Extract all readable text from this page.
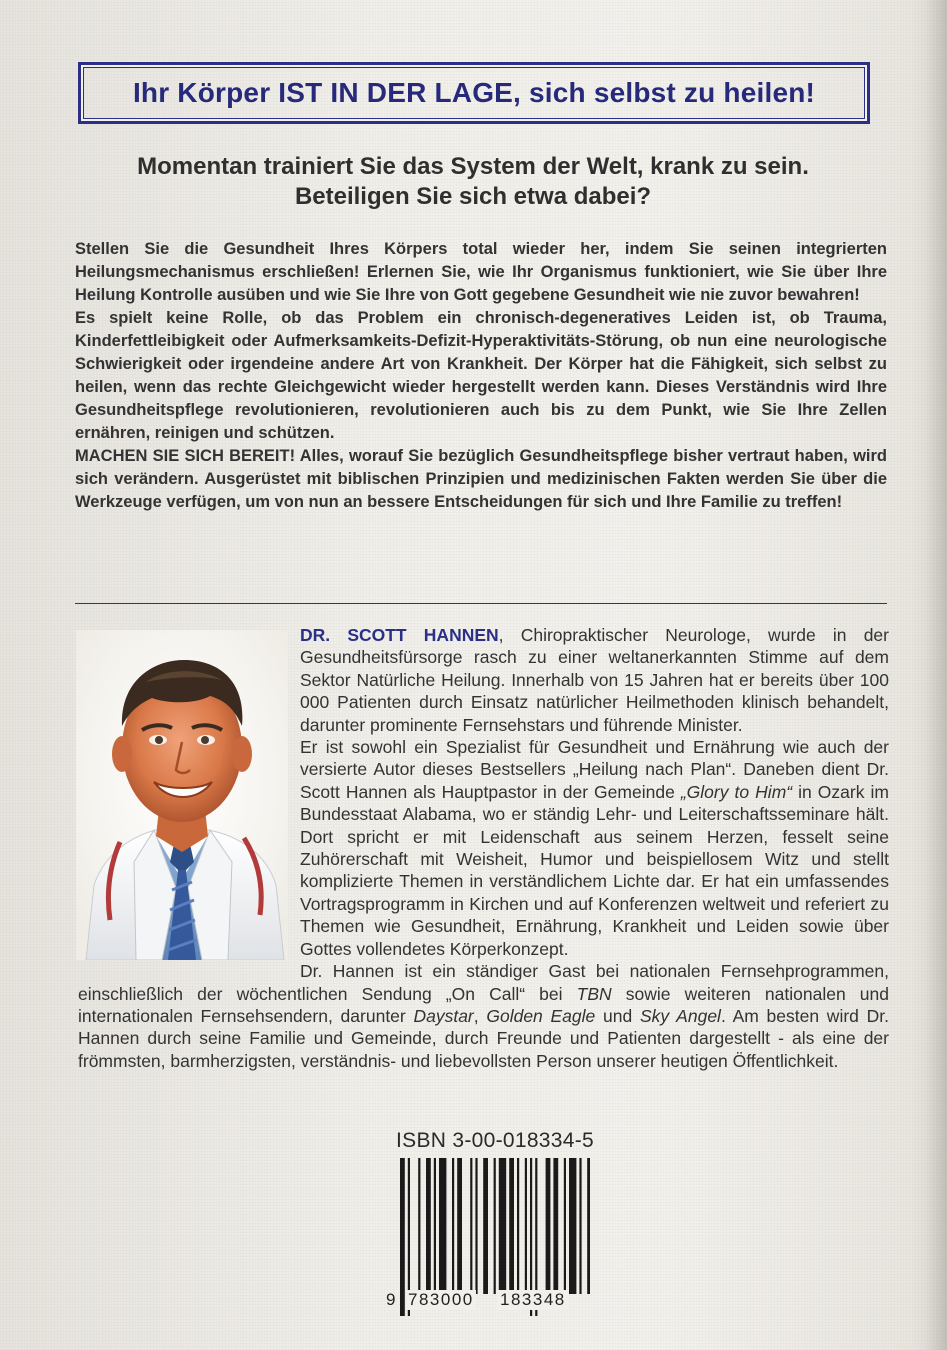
Ihr Körper IST IN DER LAGE, sich selbst zu heilen!
Momentan trainiert Sie das System der Welt, krank zu sein. Beteiligen Sie sich etwa dabei?

Stellen Sie die Gesundheit Ihres Körpers total wieder her, indem Sie seinen integrierten Heilungsmechanismus erschließen! Erlernen Sie, wie Ihr Organismus funktioniert, wie Sie über Ihre Heilung Kontrolle ausüben und wie Sie Ihre von Gott gegebene Gesundheit wie nie zuvor bewahren!

Es spielt keine Rolle, ob das Problem ein chronisch-degeneratives Leiden ist, ob Trauma, Kinderfettleibigkeit oder Aufmerksamkeits-Defizit-Hyperaktivitäts-Störung, ob nun eine neurologische Schwierigkeit oder irgendeine andere Art von Krankheit. Der Körper hat die Fähigkeit, sich selbst zu heilen, wenn das rechte Gleichgewicht wieder hergestellt werden kann. Dieses Verständnis wird Ihre Gesundheitspflege revolutionieren, revolutionieren auch bis zu dem Punkt, wie Sie Ihre Zellen ernähren, reinigen und schützen.

MACHEN SIE SICH BEREIT! Alles, worauf Sie bezüglich Gesundheitspflege bisher vertraut haben, wird sich verändern. Ausgerüstet mit biblischen Prinzipien und medizinischen Fakten werden Sie über die Werkzeuge verfügen, um von nun an bessere Entscheidungen für sich und Ihre Familie zu treffen!

DR. SCOTT HANNEN, Chiropraktischer Neurologe, wurde in der Gesundheitsfürsorge rasch zu einer weltanerkannten Stimme auf dem Sektor Natürliche Heilung. Innerhalb von 15 Jahren hat er bereits über 100 000 Patienten durch Einsatz natürlicher Heilmethoden klinisch behandelt, darunter prominente Fernsehstars und führende Minister.

Er ist sowohl ein Spezialist für Gesundheit und Ernährung wie auch der versierte Autor dieses Bestsellers „Heilung nach Plan“. Daneben dient Dr. Scott Hannen als Hauptpastor in der Gemeinde „Glory to Him“ in Ozark im Bundesstaat Alabama, wo er ständig Lehr- und Leiterschaftsseminare hält. Dort spricht er mit Leidenschaft aus seinem Herzen, fesselt seine Zuhörerschaft mit Weisheit, Humor und beispiellosem Witz und stellt komplizierte Themen in verständlichem Lichte dar. Er hat ein umfassendes Vortragsprogramm in Kirchen und auf Konferenzen weltweit und referiert zu Themen wie Gesundheit, Ernährung, Krankheit und Leiden sowie über Gottes vollendetes Körperkonzept.

Dr. Hannen ist ein ständiger Gast bei nationalen Fernsehprogrammen, einschließlich der wöchentlichen Sendung „On Call“ bei TBN sowie weiteren nationalen und internationalen Fernsehsendern, darunter Daystar, Golden Eagle und Sky Angel. Am besten wird Dr. Hannen durch seine Familie und Gemeinde, durch Freunde und Patienten dargestellt - als eine der frömmsten, barmherzigsten, verständnis- und liebevollsten Person unserer heutigen Öffentlichkeit.

ISBN 3-00-018334-5
9 783000 183348
